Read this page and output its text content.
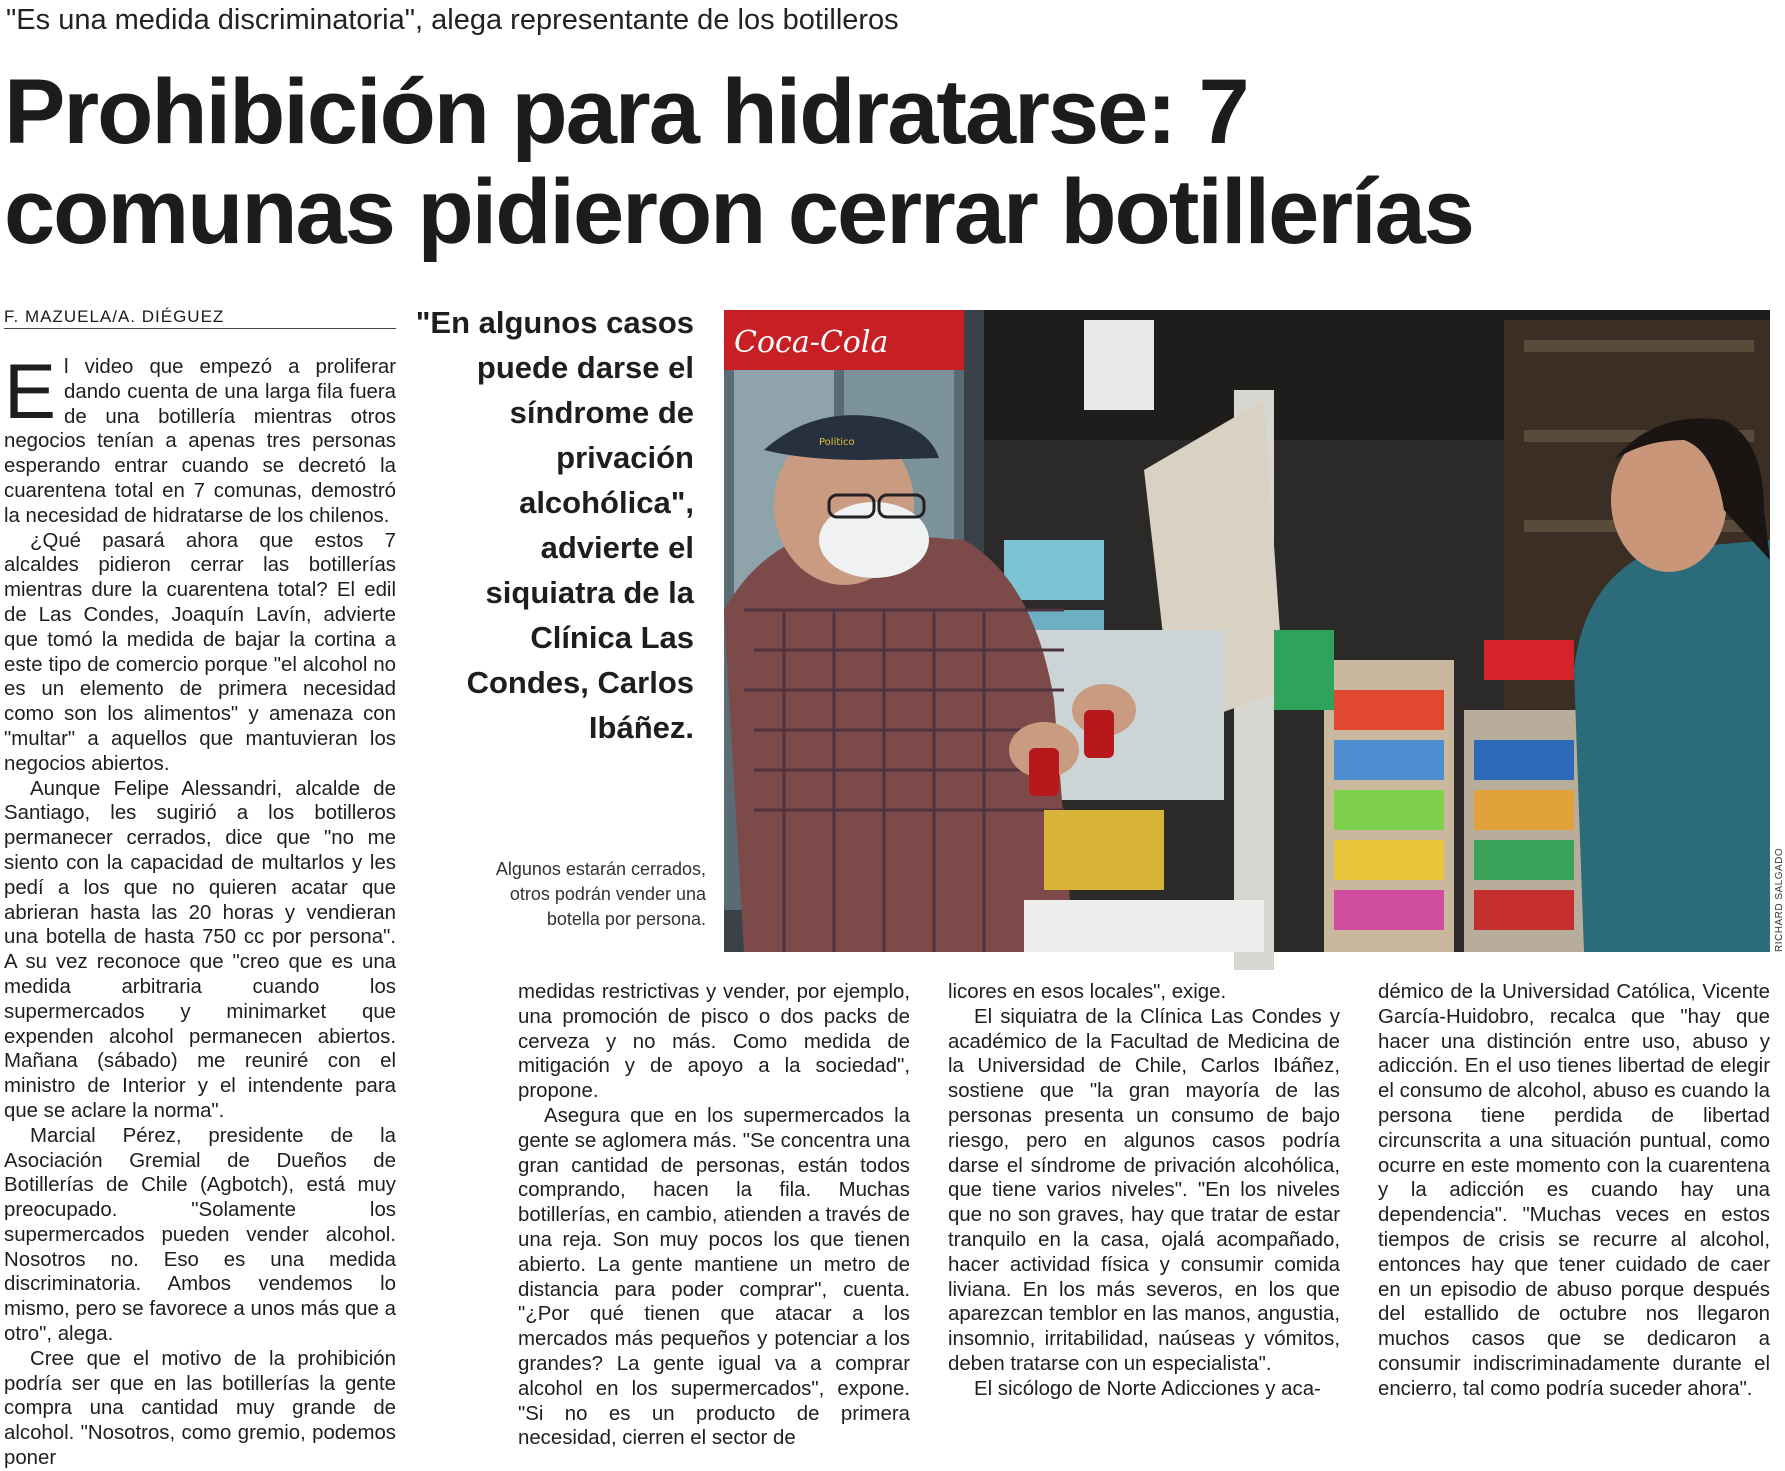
"Es una medida discriminatoria", alega representante de los botilleros
Prohibición para hidratarse: 7 comunas pidieron cerrar botillerías
F. MAZUELA/A. DIÉGUEZ

El video que empezó a proliferar dando cuenta de una larga fila fuera de una botillería mientras otros negocios tenían a apenas tres personas esperando entrar cuando se decretó la cuarentena total en 7 comunas, demostró la necesidad de hidratarse de los chilenos.

¿Qué pasará ahora que estos 7 alcaldes pidieron cerrar las botillerías mientras dure la cuarentena total? El edil de Las Condes, Joaquín Lavín, advierte que tomó la medida de bajar la cortina a este tipo de comercio porque "el alcohol no es un elemento de primera necesidad como son los alimentos" y amenaza con "multar" a aquellos que mantuvieran los negocios abiertos.

Aunque Felipe Alessandri, alcalde de Santiago, les sugirió a los botilleros permanecer cerrados, dice que "no me siento con la capacidad de multarlos y les pedí a los que no quieren acatar que abrieran hasta las 20 horas y vendieran una botella de hasta 750 cc por persona". A su vez reconoce que "creo que es una medida arbitraria cuando los supermercados y minimarket que expenden alcohol permanecen abiertos. Mañana (sábado) me reuniré con el ministro de Interior y el intendente para que se aclare la norma".

Marcial Pérez, presidente de la Asociación Gremial de Dueños de Botillerías de Chile (Agbotch), está muy preocupado. "Solamente los supermercados pueden vender alcohol. Nosotros no. Eso es una medida discriminatoria. Ambos vendemos lo mismo, pero se favorece a unos más que a otro", alega.

Cree que el motivo de la prohibición podría ser que en las botillerías la gente compra una cantidad muy grande de alcohol. "Nosotros, como gremio, podemos poner

"En algunos casos puede darse el síndrome de privación alcohólica", advierte el siquiatra de la Clínica Las Condes, Carlos Ibáñez.
Algunos estarán cerrados, otros podrán vender una botella por persona.
Coca-Cola
Político
RICHARD SALGADO

medidas restrictivas y vender, por ejemplo, una promoción de pisco o dos packs de cerveza y no más. Como medida de mitigación y de apoyo a la sociedad", propone.

Asegura que en los supermercados la gente se aglomera más. "Se concentra una gran cantidad de personas, están todos comprando, hacen la fila. Muchas botillerías, en cambio, atienden a través de una reja. Son muy pocos los que tienen abierto. La gente mantiene un metro de distancia para poder comprar", cuenta. "¿Por qué tienen que atacar a los mercados más pequeños y potenciar a los grandes? La gente igual va a comprar alcohol en los supermercados", expone. "Si no es un producto de primera necesidad, cierren el sector de

licores en esos locales", exige.

El siquiatra de la Clínica Las Condes y académico de la Facultad de Medicina de la Universidad de Chile, Carlos Ibáñez, sostiene que "la gran mayoría de las personas presenta un consumo de bajo riesgo, pero en algunos casos podría darse el síndrome de privación alcohólica, que tiene varios niveles". "En los niveles que no son graves, hay que tratar de estar tranquilo en la casa, ojalá acompañado, hacer actividad física y consumir comida liviana. En los más severos, en los que aparezcan temblor en las manos, angustia, insomnio, irritabilidad, naúseas y vómitos, deben tratarse con un especialista".

El sicólogo de Norte Adicciones y aca-

démico de la Universidad Católica, Vicente García-Huidobro, recalca que "hay que hacer una distinción entre uso, abuso y adicción. En el uso tienes libertad de elegir el consumo de alcohol, abuso es cuando la persona tiene perdida de libertad circunscrita a una situación puntual, como ocurre en este momento con la cuarentena y la adicción es cuando hay una dependencia". "Muchas veces en estos tiempos de crisis se recurre al alcohol, entonces hay que tener cuidado de caer en un episodio de abuso porque después del estallido de octubre nos llegaron muchos casos que se dedicaron a consumir indiscriminadamente durante el encierro, tal como podría suceder ahora".
